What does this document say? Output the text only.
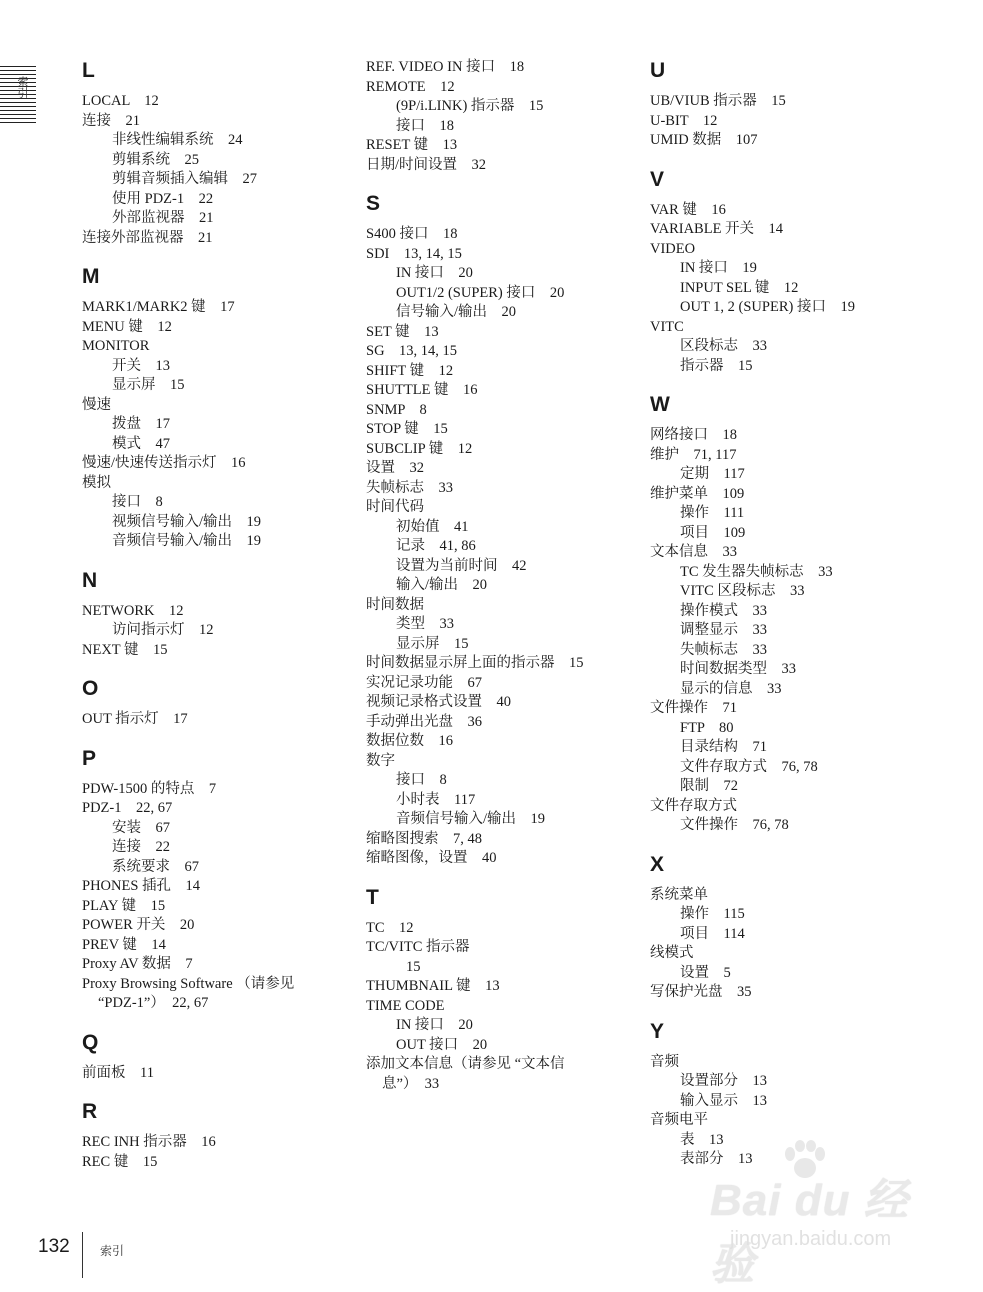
索引
L
LOCAL　12
连接　21
非线性编辑系统　24
剪辑系统　25
剪辑音频插入编辑　27
使用 PDZ-1　22
外部监视器　21
连接外部监视器　21
M
MARK1/MARK2 键　17
MENU 键　12
MONITOR
开关　13
显示屏　15
慢速
拨盘　17
模式　47
慢速/快速传送指示灯　16
模拟
接口　8
视频信号输入/输出　19
音频信号输入/输出　19
N
NETWORK　12
访问指示灯　12
NEXT 键　15
O
OUT 指示灯　17
P
PDW-1500 的特点　7
PDZ-1　22, 67
安装　67
连接　22
系统要求　67
PHONES 插孔　14
PLAY 键　15
POWER 开关　20
PREV 键　14
Proxy AV 数据　7
Proxy Browsing Software （请参见
“PDZ-1”）　22, 67
Q
前面板　11
R
REC INH 指示器　16
REC 键　15
REF. VIDEO IN 接口　18
REMOTE　12
(9P/i.LINK) 指示器　15
接口　18
RESET 键　13
日期/时间设置　32
S
S400 接口　18
SDI　13, 14, 15
IN 接口　20
OUT1/2 (SUPER) 接口　20
信号输入/输出　20
SET 键　13
SG　13, 14, 15
SHIFT 键　12
SHUTTLE 键　16
SNMP　8
STOP 键　15
SUBCLIP 键　12
设置　32
失帧标志　33
时间代码
初始值　41
记录　41, 86
设置为当前时间　42
输入/输出　20
时间数据
类型　33
显示屏　15
时间数据显示屏上面的指示器　15
实况记录功能　67
视频记录格式设置　40
手动弹出光盘　36
数据位数　16
数字
接口　8
小时表　117
音频信号输入/输出　19
缩略图搜索　7, 48
缩略图像，设置　40
T
TC　12
TC/VITC 指示器
15
THUMBNAIL 键　13
TIME CODE
IN 接口　20
OUT 接口　20
添加文本信息（请参见 “文本信
息”）　33
U
UB/VIUB 指示器　15
U-BIT　12
UMID 数据　107
V
VAR 键　16
VARIABLE 开关　14
VIDEO
IN 接口　19
INPUT SEL 键　12
OUT 1, 2 (SUPER) 接口　19
VITC
区段标志　33
指示器　15
W
网络接口　18
维护　71, 117
定期　117
维护菜单　109
操作　111
项目　109
文本信息　33
TC 发生器失帧标志　33
VITC 区段标志　33
操作模式　33
调整显示　33
失帧标志　33
时间数据类型　33
显示的信息　33
文件操作　71
FTP　80
目录结构　71
文件存取方式　76, 78
限制　72
文件存取方式
文件操作　76, 78
X
系统菜单
操作　115
项目　114
线模式
设置　5
写保护光盘　35
Y
音频
设置部分　13
输入显示　13
音频电平
表　13
表部分　13
132	索引
Bai du 经验
jingyan.baidu.com
